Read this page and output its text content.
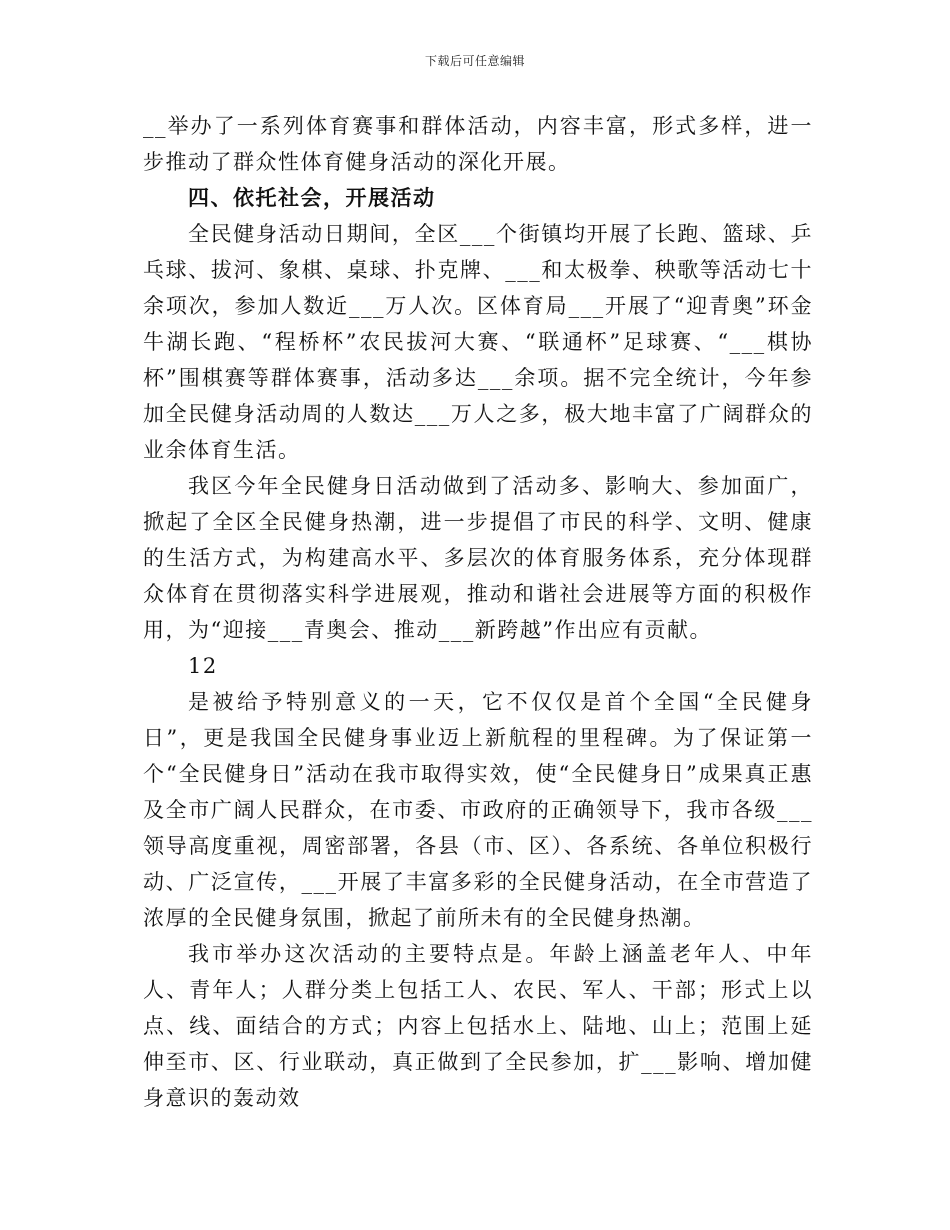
下载后可任意编辑

__举办了一系列体育赛事和群体活动，内容丰富，形式多样，进一步推动了群众性体育健身活动的深化开展。

四、依托社会，开展活动

全民健身活动日期间，全区___个街镇均开展了长跑、篮球、乒乓球、拔河、象棋、桌球、扑克牌、___和太极拳、秧歌等活动七十余项次，参加人数近___万人次。区体育局___开展了“迎青奥”环金牛湖长跑、“程桥杯”农民拔河大赛、“联通杯”足球赛、“___棋协杯”围棋赛等群体赛事，活动多达___余项。据不完全统计，今年参加全民健身活动周的人数达___万人之多，极大地丰富了广阔群众的业余体育生活。

我区今年全民健身日活动做到了活动多、影响大、参加面广，掀起了全区全民健身热潮，进一步提倡了市民的科学、文明、健康的生活方式，为构建高水平、多层次的体育服务体系，充分体现群众体育在贯彻落实科学进展观，推动和谐社会进展等方面的积极作用，为“迎接___青奥会、推动___新跨越”作出应有贡献。

12

是被给予特别意义的一天，它不仅仅是首个全国“全民健身日”，更是我国全民健身事业迈上新航程的里程碑。为了保证第一个“全民健身日”活动在我市取得实效，使“全民健身日”成果真正惠及全市广阔人民群众，在市委、市政府的正确领导下，我市各级___领导高度重视，周密部署，各县（市、区）、各系统、各单位积极行动、广泛宣传，___开展了丰富多彩的全民健身活动，在全市营造了浓厚的全民健身氛围，掀起了前所未有的全民健身热潮。

我市举办这次活动的主要特点是。年龄上涵盖老年人、中年人、青年人；人群分类上包括工人、农民、军人、干部；形式上以点、线、面结合的方式；内容上包括水上、陆地、山上；范围上延伸至市、区、行业联动，真正做到了全民参加，扩___影响、增加健身意识的轰动效
